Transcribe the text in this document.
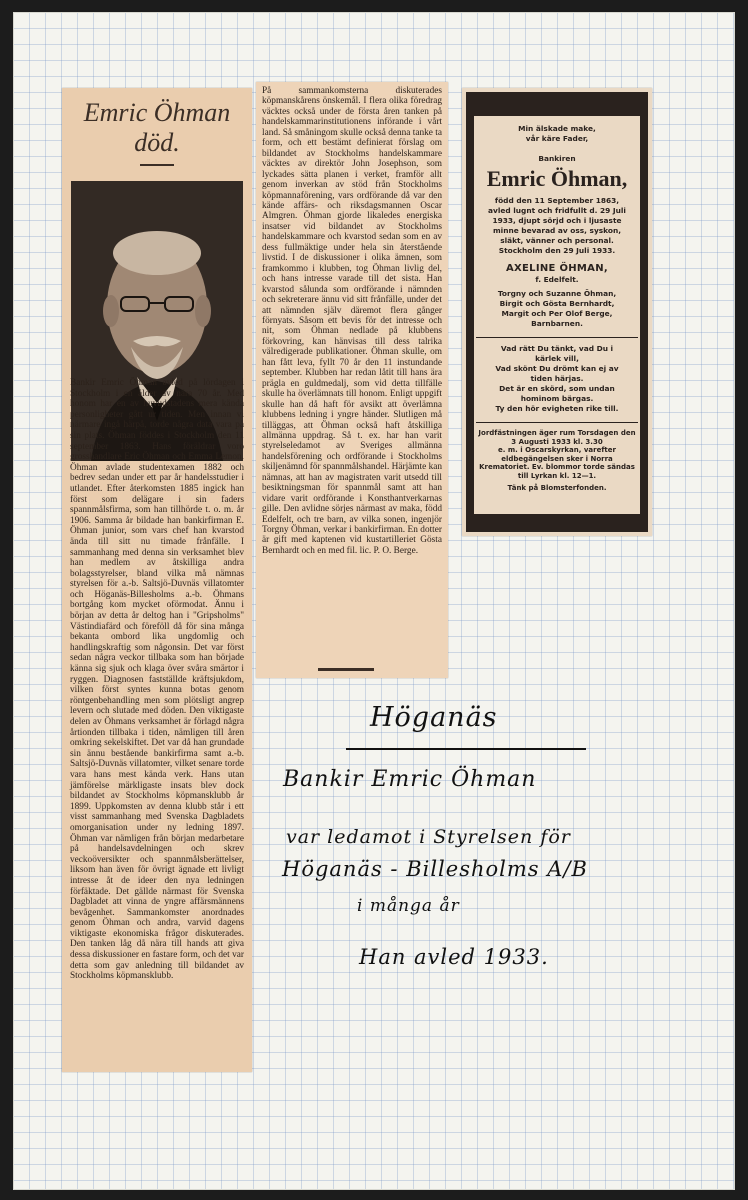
Emric Öhman
död.

Bankir Emric Öhman avled på lördagen i Stockholm i en ålder av nära 70 år. Med honom har en av huvudstadens mera kända personligheter gått ur tiden. Men innan vi närmare ingå härpå, torde några data vara på sin plats. Öhman föddes i Stockholm den 11 september 1863. Hans föräldrar voro grosshandlare Eric Öhman och Emma Lemon. Öhman avlade studentexamen 1882 och bedrev sedan under ett par år handelsstudier i utlandet. Efter återkomsten 1885 ingick han först som delägare i sin faders spannmålsfirma, som han tillhörde t. o. m. år 1906. Samma år bildade han bankirfirman E. Öhman junior, som vars chef han kvarstod ända till sitt nu timade frånfälle. I sammanhang med denna sin verksamhet blev han medlem av åtskilliga andra bolagsstyrelser, bland vilka må nämnas styrelsen för a.-b. Saltsjö-Duvnäs villatomter och Höganäs-Billesholms a.-b. Öhmans bortgång kom mycket oförmodat. Ännu i början av detta år deltog han i "Gripsholms" Västindiafärd och föreföll då för sina många bekanta ombord lika ungdomlig och handlingskraftig som någonsin. Det var först sedan några veckor tillbaka som han började känna sig sjuk och klaga över svåra smärtor i ryggen. Diagnosen fastställde kräftsjukdom, vilken först syntes kunna botas genom röntgenbehandling men som plötsligt angrep levern och slutade med döden. Den viktigaste delen av Öhmans verksamhet är förlagd några årtionden tillbaka i tiden, nämligen till åren omkring sekelskiftet. Det var då han grundade sin ännu bestående bankirfirma samt a.-b. Saltsjö-Duvnäs villatomter, vilket senare torde vara hans mest kända verk. Hans utan jämförelse märkligaste insats blev dock bildandet av Stockholms köpmansklubb år 1899. Uppkomsten av denna klubb står i ett visst sammanhang med Svenska Dagbladets omorganisation under ny ledning 1897. Öhman var nämligen från början medarbetare på handelsavdelningen och skrev veckoöversikter och spannmålsberättelser, liksom han även för övrigt ägnade ett livligt intresse åt de ideer den nya ledningen förfäktade. Det gällde närmast för Svenska Dagbladet att vinna de yngre affärsmännens bevågenhet. Sammankomster anordnades genom Öhman och andra, varvid dagens viktigaste ekonomiska frågor diskuterades. Den tanken låg då nära till hands att giva dessa diskussioner en fastare form, och det var detta som gav anledning till bildandet av Stockholms köpmansklubb.

På sammankomsterna diskuterades köpmanskårens önskemål. I flera olika föredrag väcktes också under de första åren tanken på handelskammarinstitutionens införande i vårt land. Så småningom skulle också denna tanke ta form, och ett bestämt definierat förslag om bildandet av Stockholms handelskammare väcktes av direktör John Josephson, som lyckades sätta planen i verket, framför allt genom inverkan av stöd från Stockholms köpmannaförening, vars ordförande då var den kände affärs- och riksdagsmannen Oscar Almgren. Öhman gjorde likaledes energiska insatser vid bildandet av Stockholms handelskammare och kvarstod sedan som en av dess fullmäktige under hela sin återstående livstid. I de diskussioner i olika ämnen, som framkommo i klubben, tog Öhman livlig del, och hans intresse varade till det sista. Han kvarstod sålunda som ordförande i nämnden och sekreterare ännu vid sitt frånfälle, under det att nämnden själv däremot flera gånger förnyats. Såsom ett bevis för det intresse och nit, som Öhman nedlade på klubbens förkovring, kan hänvisas till dess talrika välredigerade publikationer. Öhman skulle, om han fått leva, fyllt 70 år den 11 instundande september. Klubben har redan låtit till hans ära prägla en guldmedalj, som vid detta tillfälle skulle ha överlämnats till honom. Enligt uppgift skulle han då haft för avsikt att överlämna klubbens ledning i yngre händer. Slutligen må tilläggas, att Öhman också haft åtskilliga allmänna uppdrag. Så t. ex. har han varit styrelseledamot av Sveriges allmänna handelsförening och ordförande i Stockholms skiljenämnd för spannmålshandel. Härjämte kan nämnas, att han av magistraten varit utsedd till besiktningsman för spannmål samt att han vidare varit ordförande i Konsthantverkarnas gille. Den avlidne sörjes närmast av maka, född Edelfelt, och tre barn, av vilka sonen, ingenjör Torgny Öhman, verkar i bankirfirman. En dotter är gift med kaptenen vid kustartilleriet Gösta Bernhardt och en med fil. lic. P. O. Berge.

Min älskade make,

vår käre Fader,

Bankiren

Emric Öhman,

född den 11 September 1863,

avled lugnt och fridfullt d. 29 Juli

1933, djupt sörjd och i ljusaste

minne bevarad av oss, syskon,

släkt, vänner och personal.

Stockholm den 29 Juli 1933.

AXELINE ÖHMAN,

f. Edelfelt.

Torgny och Suzanne Öhman,

Birgit och Gösta Bernhardt,

Margit och Per Olof Berge,

Barnbarnen.

Vad rätt Du tänkt, vad Du i

kärlek vill,

Vad skönt Du drömt kan ej av

tiden härjas.

Det är en skörd, som undan

hominom bärgas.

Ty den hör evigheten rike till.

Jordfästningen äger rum Torsdagen den 3 Augusti 1933 kl. 3.30

e. m. i Oscarskyrkan, varefter eldbegängelsen sker i Norra Krematoriet. Ev. blommor torde sändas

till Lyrkan kl. 12—1.

Tänk på Blomsterfonden.

Höganäs
Bankir Emric Öhman
var ledamot i Styrelsen för
Höganäs - Billesholms A/B
i många år
Han avled 1933.
